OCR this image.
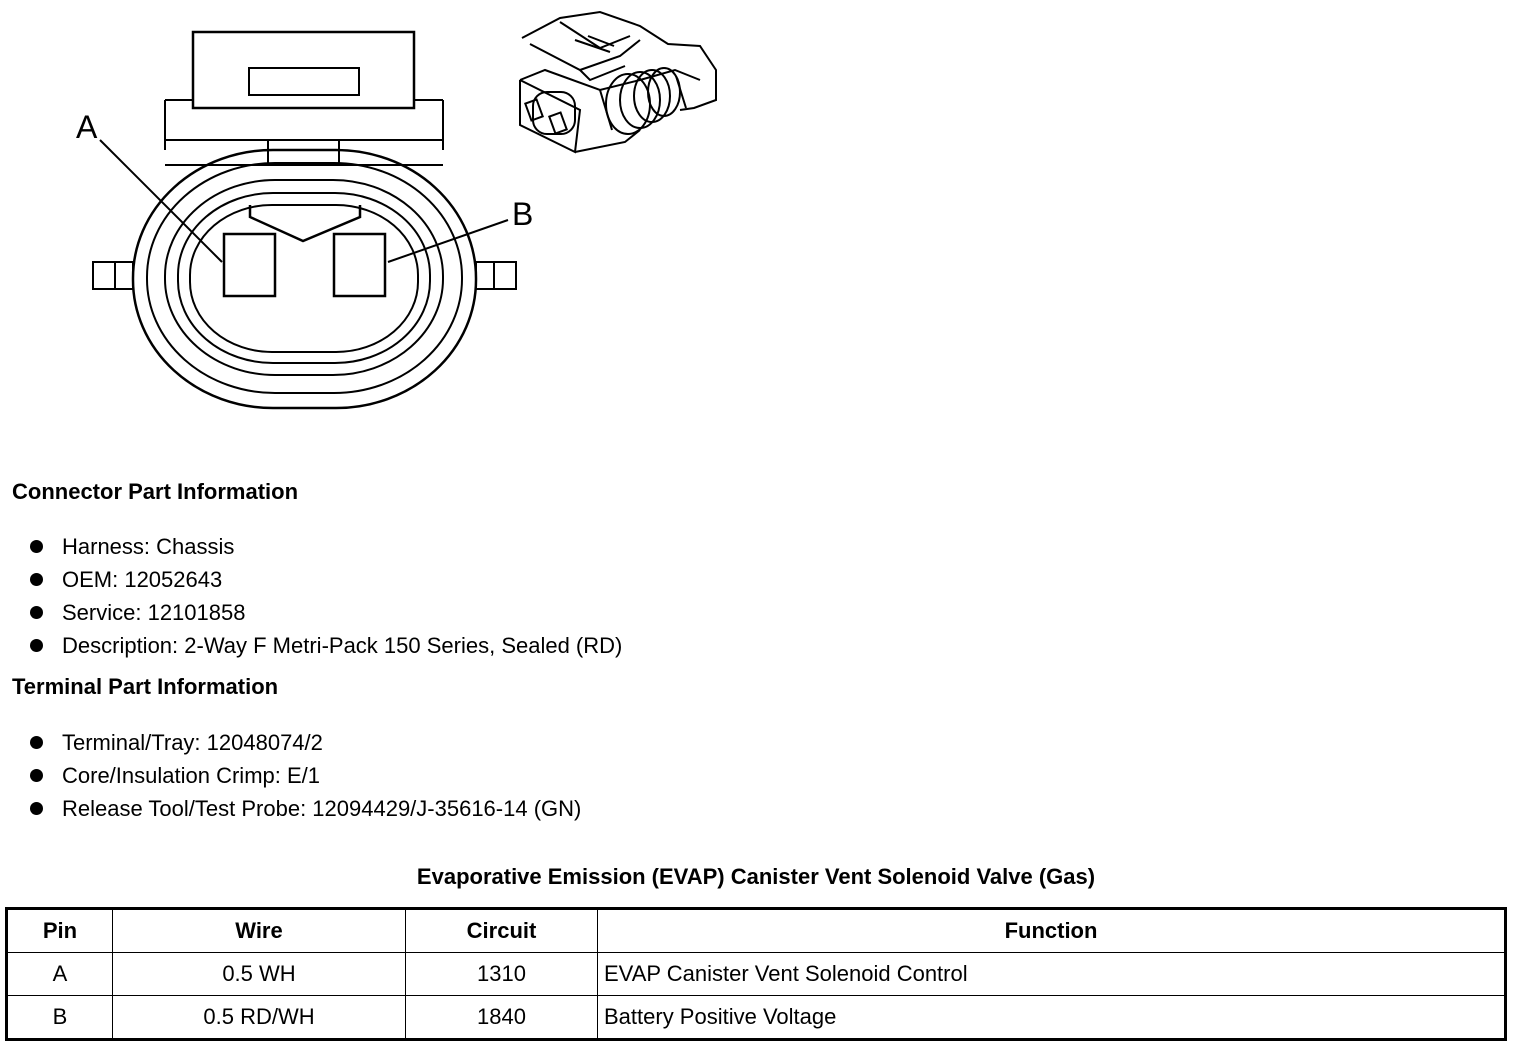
A
B
Connector Part Information
Harness: Chassis
OEM: 12052643
Service: 12101858
Description: 2-Way F Metri-Pack 150 Series, Sealed (RD)
Terminal Part Information
Terminal/Tray: 12048074/2
Core/Insulation Crimp: E/1
Release Tool/Test Probe: 12094429/J-35616-14 (GN)
Evaporative Emission (EVAP) Canister Vent Solenoid Valve (Gas)
Pin	Wire	Circuit	Function
A	0.5 WH	1310	EVAP Canister Vent Solenoid Control
B	0.5 RD/WH	1840	Battery Positive Voltage
